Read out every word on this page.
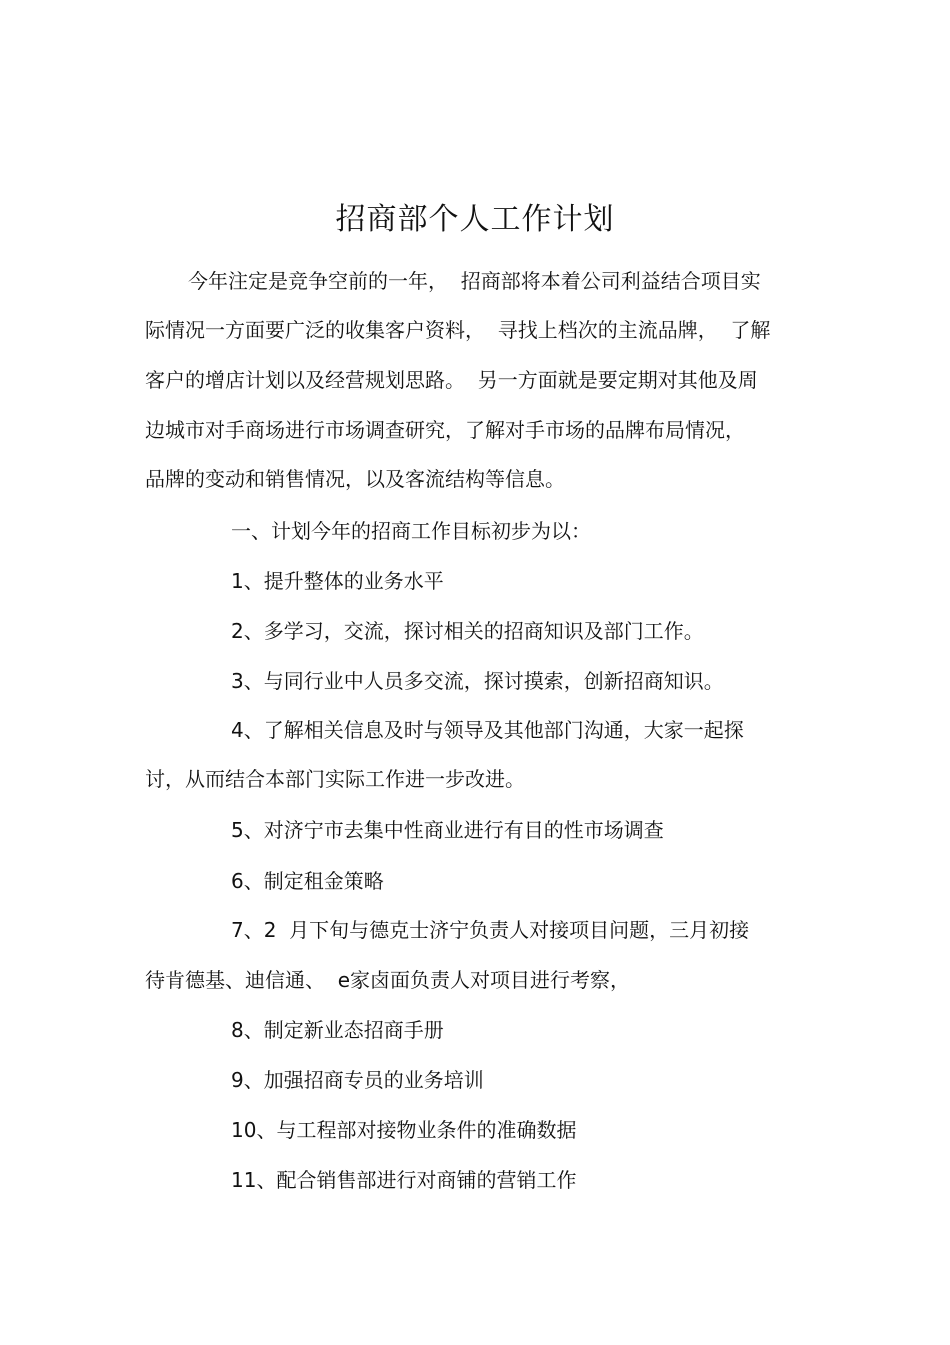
招商部个人工作计划
今年注定是竞争空前的一年，  招商部将本着公司利益结合项目实
际情况一方面要广泛的收集客户资料，  寻找上档次的主流品牌，  了解
客户的增店计划以及经营规划思路。  另一方面就是要定期对其他及周
边城市对手商场进行市场调查研究，了解对手市场的品牌布局情况，
品牌的变动和销售情况，以及客流结构等信息。
一、计划今年的招商工作目标初步为以：
1、提升整体的业务水平
2、多学习，交流，探讨相关的招商知识及部门工作。
3、与同行业中人员多交流，探讨摸索，创新招商知识。
4、了解相关信息及时与领导及其他部门沟通，大家一起探
讨，从而结合本部门实际工作进一步改进。
5、对济宁市去集中性商业进行有目的性市场调查
6、制定租金策略
7、2  月下旬与德克士济宁负责人对接项目问题，三月初接
待肯德基、迪信通、  e家卤面负责人对项目进行考察，
8、制定新业态招商手册
9、加强招商专员的业务培训
10、与工程部对接物业条件的准确数据
11、配合销售部进行对商铺的营销工作
